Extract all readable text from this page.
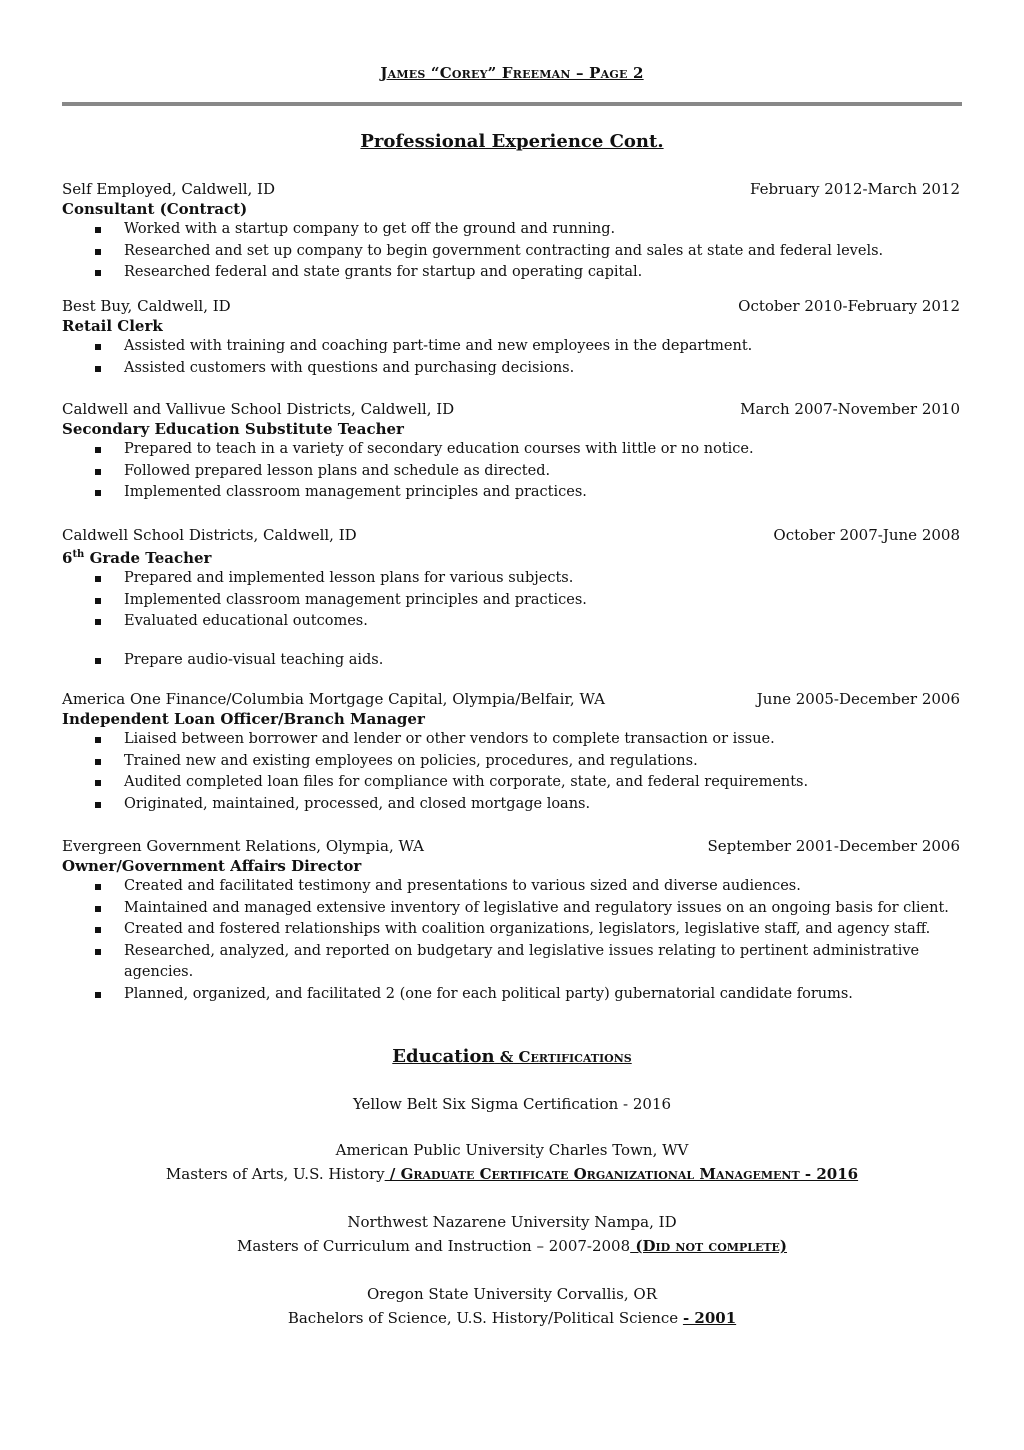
James “Corey” Freeman – Page 2
Professional Experience Cont.
Self Employed, Caldwell, ID	February 2012-March 2012
Consultant (Contract)
Worked with a startup company to get off the ground and running.
Researched and set up company to begin government contracting and sales at state and federal levels.
Researched federal and state grants for startup and operating capital.
Best Buy, Caldwell, ID	October 2010-February 2012
Retail Clerk
Assisted with training and coaching part-time and new employees in the department.
Assisted customers with questions and purchasing decisions.
Caldwell and Vallivue School Districts, Caldwell, ID	March 2007-November 2010
Secondary Education Substitute Teacher
Prepared to teach in a variety of secondary education courses with little or no notice.
Followed prepared lesson plans and schedule as directed.
Implemented classroom management principles and practices.
Caldwell School Districts, Caldwell, ID	October 2007-June 2008
6th Grade Teacher
Prepared and implemented lesson plans for various subjects.
Implemented classroom management principles and practices.
Evaluated educational outcomes.
Prepare audio-visual teaching aids.
America One Finance/Columbia Mortgage Capital, Olympia/Belfair, WA	June 2005-December 2006
Independent Loan Officer/Branch Manager
Liaised between borrower and lender or other vendors to complete transaction or issue.
Trained new and existing employees on policies, procedures, and regulations.
Audited completed loan files for compliance with corporate, state, and federal requirements.
Originated, maintained, processed, and closed mortgage loans.
Evergreen Government Relations, Olympia, WA	September 2001-December 2006
Owner/Government Affairs Director
Created and facilitated testimony and presentations to various sized and diverse audiences.
Maintained and managed extensive inventory of legislative and regulatory issues on an ongoing basis for client.
Created and fostered relationships with coalition organizations, legislators, legislative staff, and agency staff.
Researched, analyzed, and reported on budgetary and legislative issues relating to pertinent administrative agencies.
Planned, organized, and facilitated 2 (one for each political party) gubernatorial candidate forums.
Education & Certifications
Yellow Belt Six Sigma Certification - 2016
American Public University Charles Town, WV
Masters of Arts, U.S. History / Graduate Certificate Organizational Management - 2016
Northwest Nazarene University Nampa, ID
Masters of Curriculum and Instruction – 2007-2008 (Did not complete)
Oregon State University Corvallis, OR
Bachelors of Science, U.S. History/Political Science - 2001
